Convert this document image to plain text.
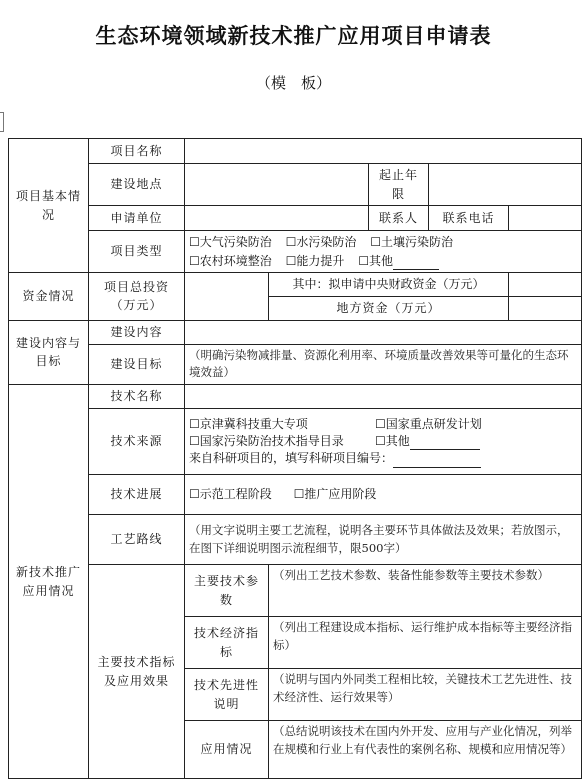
生态环境领域新技术推广应用项目申请表
（模　板）
项目基本情况	项目名称					
	建设地点			起止年限		
	申请单位			联系人	联系电话	
	项目类型	☐大气污染防治 ☐水污染防治 ☐土壤污染防治
☐农村环境整治 ☐能力提升 ☐其他				

资金情况	项目总投资（万元）		其中：拟申请中央财政资金（万元）			
			地方资金（万元）			
建设内容与目标	建设内容					
	建设目标	（明确污染物减排量、资源化利用率、环境质量改善效果等可量化的生态环境效益）				
新技术推广应用情况	技术名称					
	技术来源	☐京津冀科技重大专项 ☐国家重点研发计划
☐国家污染防治技术指导目录 ☐其他
来自科研项目的，填写科研项目编号：				

	技术进展	☐示范工程阶段 ☐推广应用阶段				
	工艺路线	（用文字说明主要工艺流程，说明各主要环节具体做法及效果；若放图示，在图下详细说明图示流程细节，限500字）				
	主要技术指标及应用效果	主要技术参数	（列出工艺技术参数、装备性能参数等主要技术参数）			
		技术经济指标	（列出工程建设成本指标、运行维护成本指标等主要经济指标）			
		技术先进性说明	（说明与国内外同类工程相比较，关键技术工艺先进性、技术经济性、运行效果等）			
		应用情况	（总结说明该技术在国内外开发、应用与产业化情况，列举在规模和行业上有代表性的案例名称、规模和应用情况等）			
